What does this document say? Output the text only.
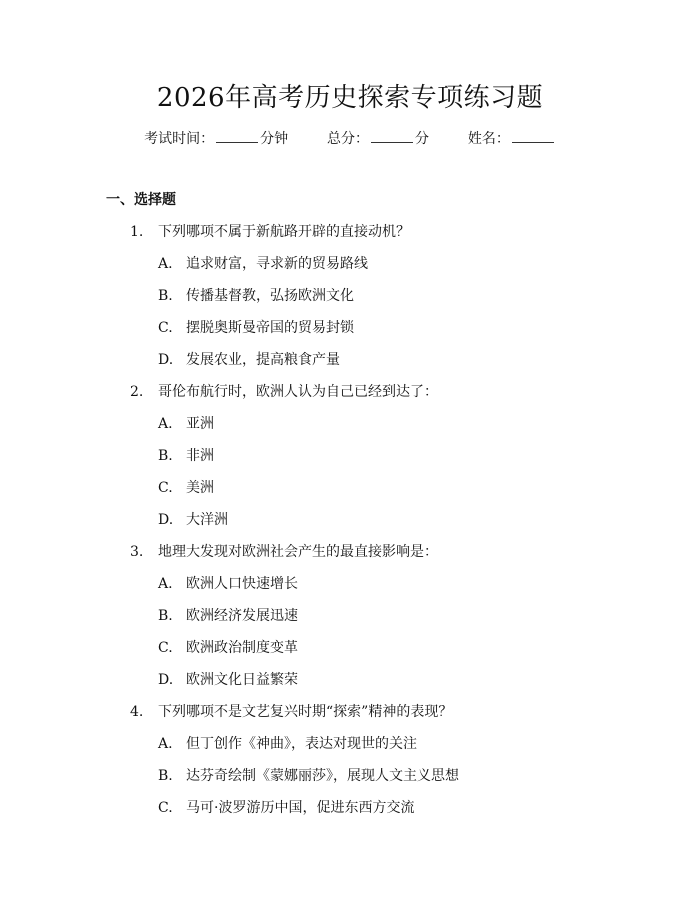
2026年高考历史探索专项练习题
考试时间：	分钟	总分：	分	姓名：
一、选择题
1. 下列哪项不属于新航路开辟的直接动机？
A. 追求财富，寻求新的贸易路线
B. 传播基督教，弘扬欧洲文化
C. 摆脱奥斯曼帝国的贸易封锁
D. 发展农业，提高粮食产量
2. 哥伦布航行时，欧洲人认为自己已经到达了：
A. 亚洲
B. 非洲
C. 美洲
D. 大洋洲
3. 地理大发现对欧洲社会产生的最直接影响是：
A. 欧洲人口快速增长
B. 欧洲经济发展迅速
C. 欧洲政治制度变革
D. 欧洲文化日益繁荣
4. 下列哪项不是文艺复兴时期“探索”精神的表现？
A. 但丁创作《神曲》，表达对现世的关注
B. 达芬奇绘制《蒙娜丽莎》，展现人文主义思想
C. 马可·波罗游历中国，促进东西方交流
